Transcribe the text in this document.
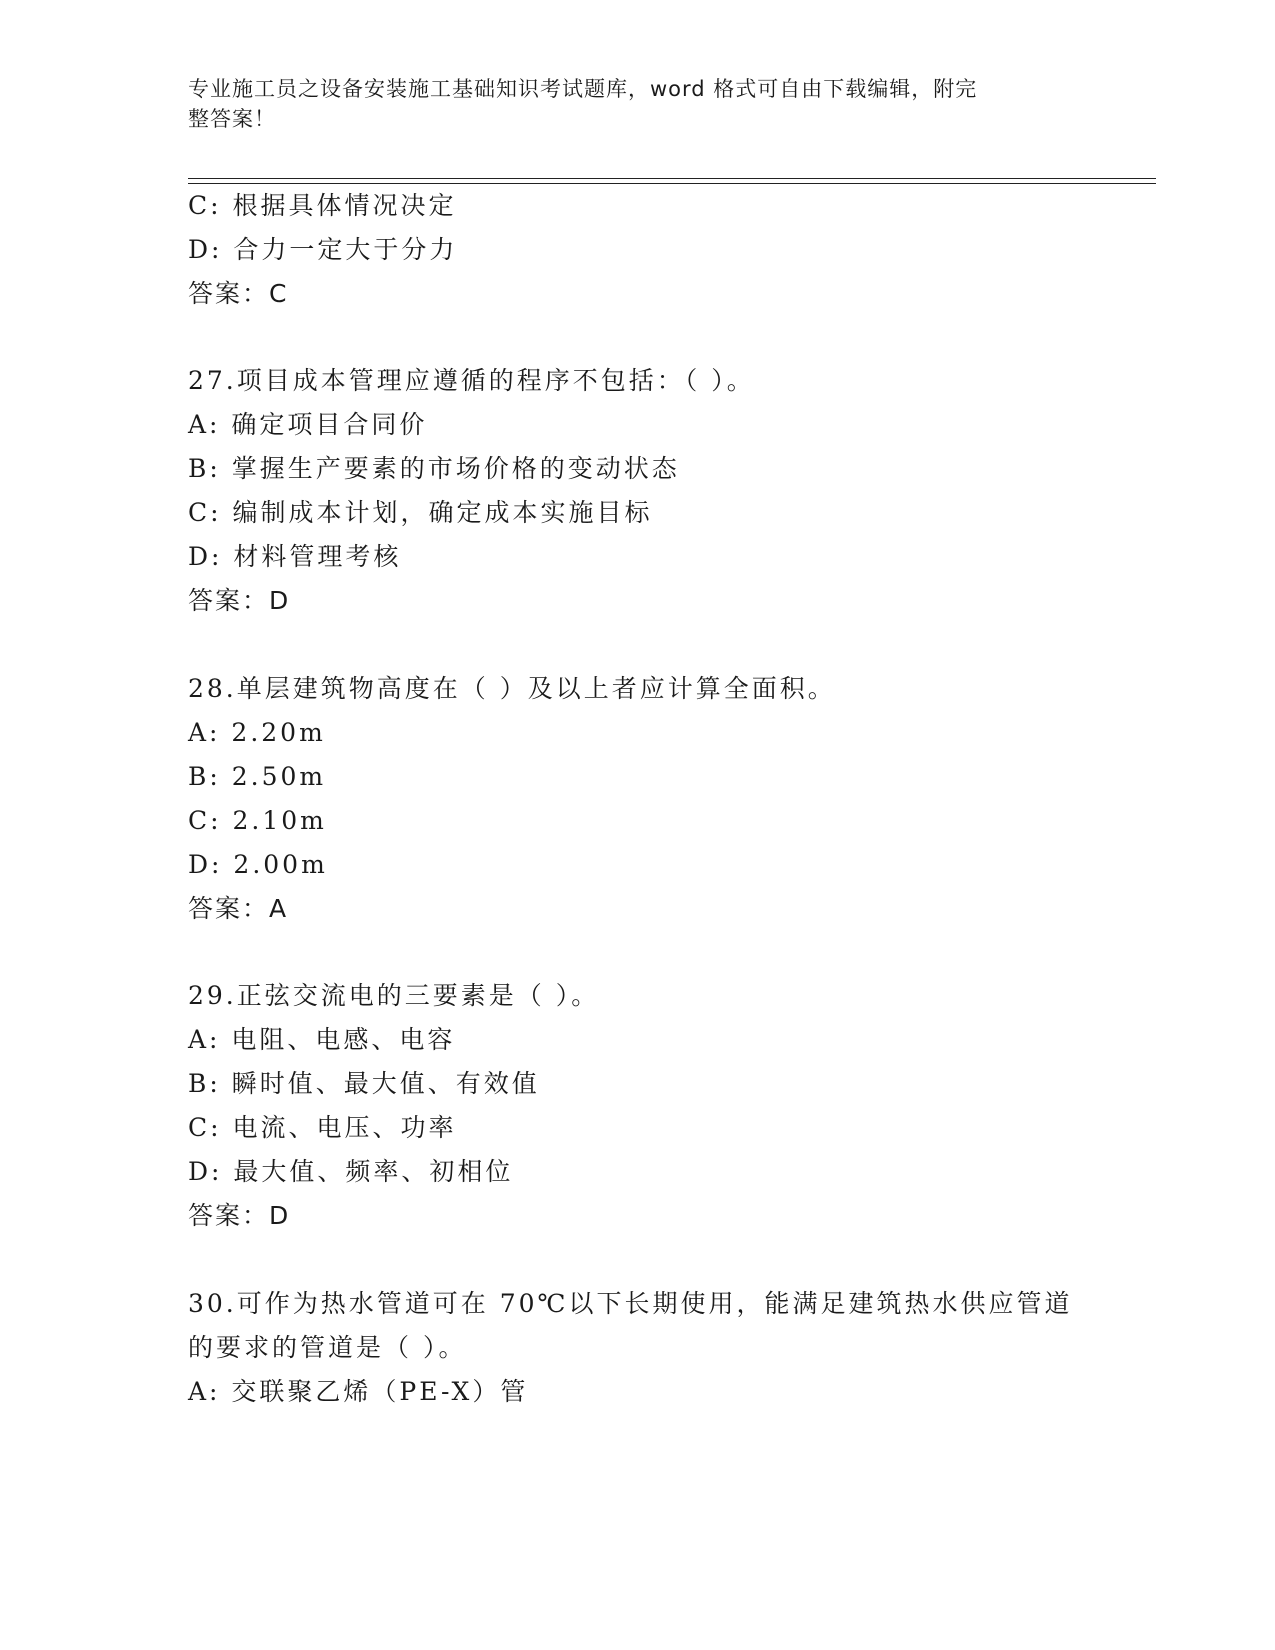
专业施工员之设备安装施工基础知识考试题库，word 格式可自由下载编辑，附完
整答案！
C: 根据具体情况决定
D: 合力一定大于分力
答案：C
27.项目成本管理应遵循的程序不包括：（ ）。
A: 确定项目合同价
B: 掌握生产要素的市场价格的变动状态
C: 编制成本计划，确定成本实施目标
D: 材料管理考核
答案：D
28.单层建筑物高度在（ ）及以上者应计算全面积。
A: 2.20m
B: 2.50m
C: 2.10m
D: 2.00m
答案：A
29.正弦交流电的三要素是（ ）。
A: 电阻、电感、电容
B: 瞬时值、最大值、有效值
C: 电流、电压、功率
D: 最大值、频率、初相位
答案：D
30.可作为热水管道可在 70℃以下长期使用，能满足建筑热水供应管道
的要求的管道是（ ）。
A: 交联聚乙烯（PE-X）管
